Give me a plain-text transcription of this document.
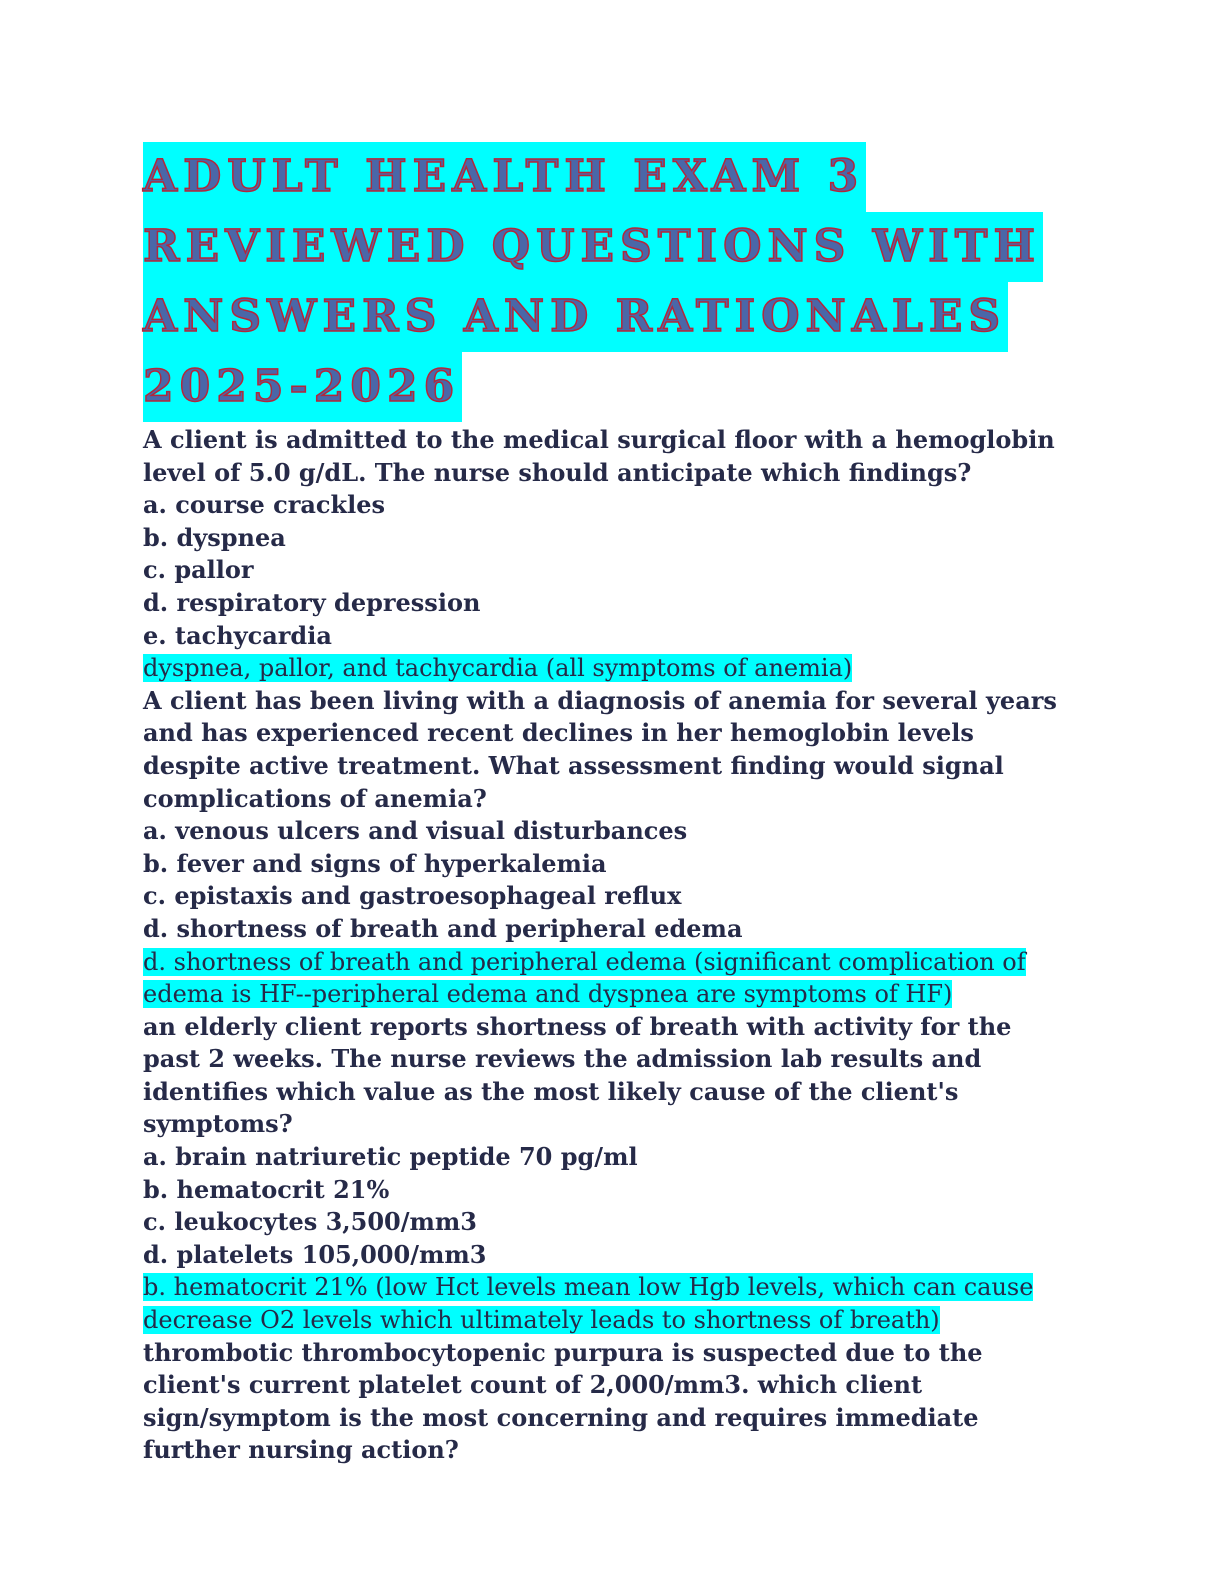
ADULT HEALTH EXAM 3
REVIEWED QUESTIONS WITH
ANSWERS AND RATIONALES
2025-2026

A client is admitted to the medical surgical floor with a hemoglobin level of 5.0 g/dL. The nurse should anticipate which findings?

a. course crackles

b. dyspnea

c. pallor

d. respiratory depression

e. tachycardia

dyspnea, pallor, and tachycardia (all symptoms of anemia)

A client has been living with a diagnosis of anemia for several years and has experienced recent declines in her hemoglobin levels despite active treatment. What assessment finding would signal complications of anemia?

a. venous ulcers and visual disturbances

b. fever and signs of hyperkalemia

c. epistaxis and gastroesophageal reflux

d. shortness of breath and peripheral edema

d. shortness of breath and peripheral edema (significant complication of edema is HF--peripheral edema and dyspnea are symptoms of HF)

an elderly client reports shortness of breath with activity for the past 2 weeks. The nurse reviews the admission lab results and identifies which value as the most likely cause of the client's symptoms?

a. brain natriuretic peptide 70 pg/ml

b. hematocrit 21%

c. leukocytes 3,500/mm3

d. platelets 105,000/mm3

b. hematocrit 21% (low Hct levels mean low Hgb levels, which can cause decrease O2 levels which ultimately leads to shortness of breath)

thrombotic thrombocytopenic purpura is suspected due to the client's current platelet count of 2,000/mm3. which client sign/symptom is the most concerning and requires immediate further nursing action?
